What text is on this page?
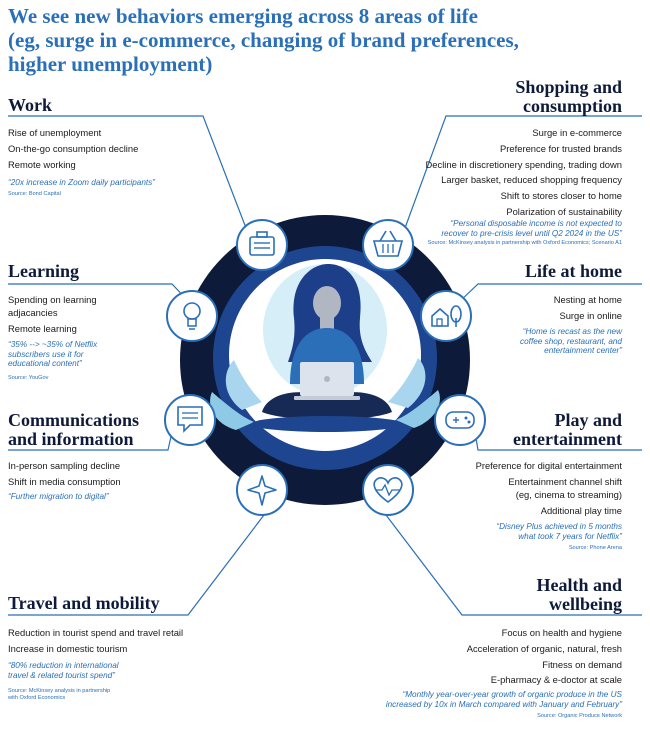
We see new behaviors emerging across 8 areas of life
(eg, surge in e-commerce, changing of brand preferences,
higher unemployment)
Work
Rise of unemployment
On-the-go consumption decline
Remote working
“20x increase in Zoom daily participants”
Source: Bond Capital
Shopping and
consumption
Surge in e-commerce
Preference for trusted brands
Decline in discretionery spending, trading down
Larger basket, reduced shopping frequency
Shift to stores closer to home
Polarization of sustainability
“Personal disposable income is not expected to
recover to pre-crisis level until Q2 2024 in the US”
Source: McKinsey analysis in partnership with Oxford Economics; Scenario A1
Learning
Spending on learning
adjacancies
Remote learning
“35% --> ~35% of Netflix
subscribers use it for
educational content”
Source: YouGov
Life at home
Nesting at home
Surge in online
“Home is recast as the new
coffee shop, restaurant, and
entertainment center”
Communications
and information
In-person sampling decline
Shift in media consumption
“Further migration to digital”
Play and
entertainment
Preference for digital entertainment
Entertainment channel shift
(eg, cinema to streaming)
Additional play time
“Disney Plus achieved in 5 months
what took 7 years for Netflix”
Source: Phone Arena
Travel and mobility
Reduction in tourist spend and travel retail
Increase in domestic tourism
“80% reduction in international
travel & related tourist spend”
Source: McKinsey analysis in partnership
with Oxford Economics
Health and
wellbeing
Focus on health and hygiene
Acceleration of organic, natural, fresh
Fitness on demand
E-pharmacy & e-doctor at scale
“Monthly year-over-year growth of organic produce in the US
increased by 10x in March compared with January and February”
Source: Organic Produce Network
